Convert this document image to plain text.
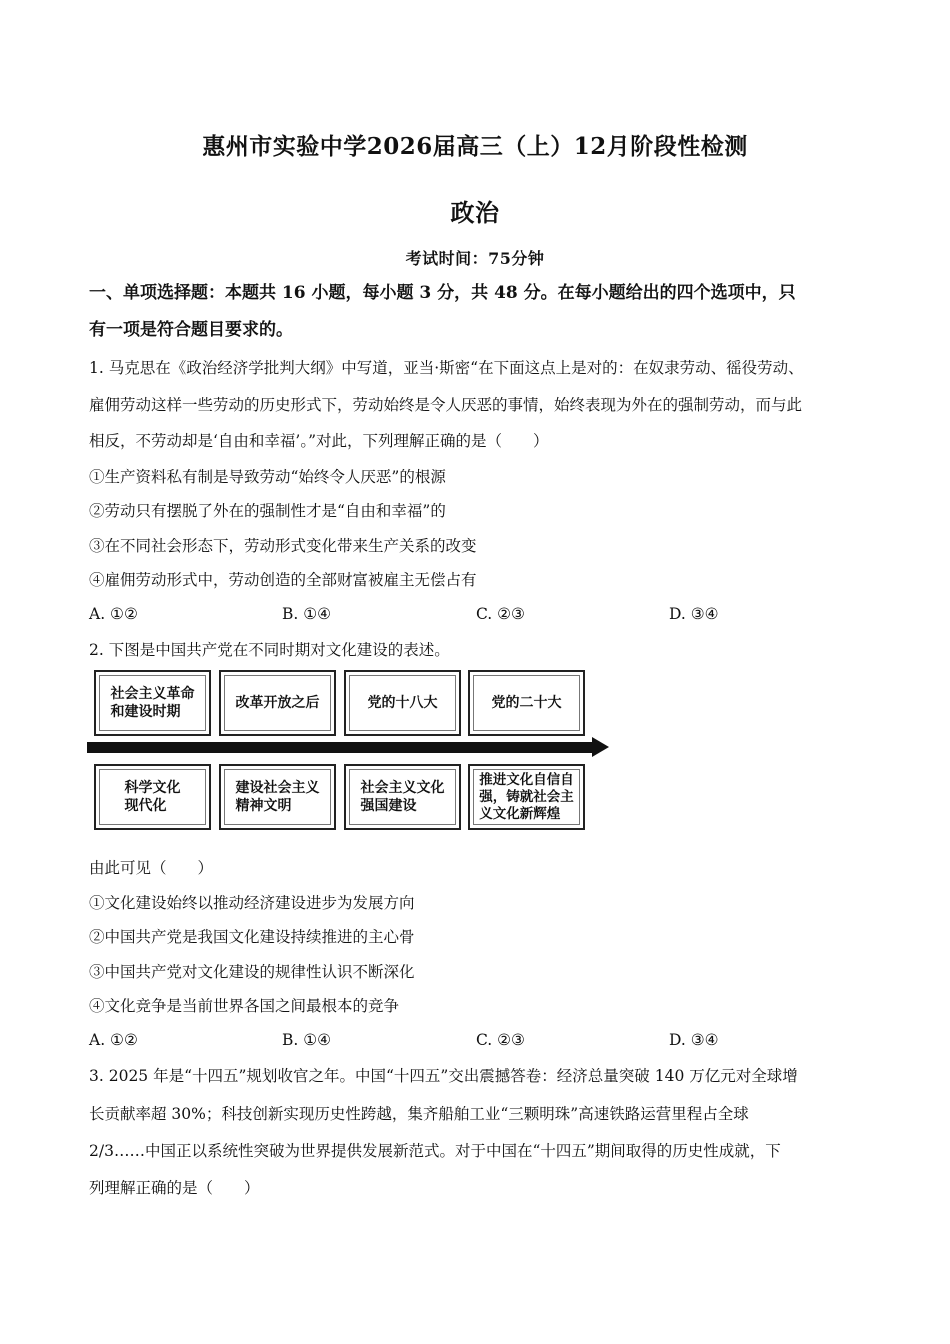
惠州市实验中学2026届高三（上）12月阶段性检测
政治
考试时间：75分钟
一、单项选择题：本题共 16 小题，每小题 3 分，共 48 分。在每小题给出的四个选项中，只
有一项是符合题目要求的。
1. 马克思在《政治经济学批判大纲》中写道，亚当·斯密“在下面这点上是对的：在奴隶劳动、徭役劳动、
雇佣劳动这样一些劳动的历史形式下，劳动始终是令人厌恶的事情，始终表现为外在的强制劳动，而与此
相反，不劳动却是‘自由和幸福’。”对此，下列理解正确的是（　　）
①生产资料私有制是导致劳动“始终令人厌恶”的根源
②劳动只有摆脱了外在的强制性才是“自由和幸福”的
③在不同社会形态下，劳动形式变化带来生产关系的改变
④雇佣劳动形式中，劳动创造的全部财富被雇主无偿占有
A. ①②	B. ①④	C. ②③	D. ③④
2. 下图是中国共产党在不同时期对文化建设的表述。
社会主义革命
和建设时期
改革开放之后	党的十八大	党的二十大
科学文化
现代化
建设社会主义
精神文明
社会主义文化
强国建设
推进文化自信自
强，铸就社会主
义文化新辉煌
由此可见（　　）
①文化建设始终以推动经济建设进步为发展方向
②中国共产党是我国文化建设持续推进的主心骨
③中国共产党对文化建设的规律性认识不断深化
④文化竞争是当前世界各国之间最根本的竞争
A. ①②	B. ①④	C. ②③	D. ③④
3. 2025 年是“十四五”规划收官之年。中国“十四五”交出震撼答卷：经济总量突破 140 万亿元对全球增
长贡献率超 30%；科技创新实现历史性跨越，集齐船舶工业“三颗明珠”高速铁路运营里程占全球
2/3……中国正以系统性突破为世界提供发展新范式。对于中国在“十四五”期间取得的历史性成就，下
列理解正确的是（　　）
